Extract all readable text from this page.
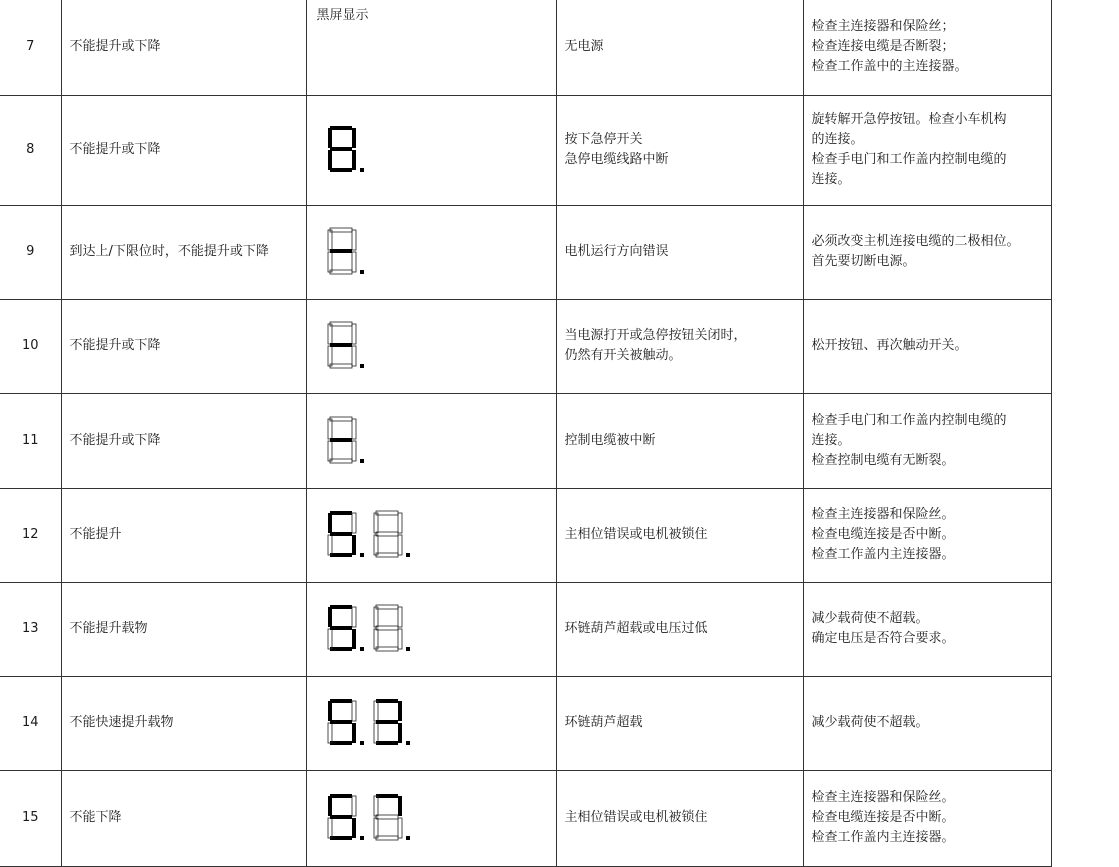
7	不能提升或下降	黑屏显示	无电源	检查主连接器和保险丝；
检查连接电缆是否断裂；
检查工作盖中的主连接器。

8	不能提升或下降		按下急停开关
急停电缆线路中断	旋转解开急停按钮。检查小车机构
的连接。
检查手电门和工作盖内控制电缆的
连接。

9	到达上/下限位时，不能提升或下降		电机运行方向错误	必须改变主机连接电缆的二极相位。
首先要切断电源。

10	不能提升或下降		当电源打开或急停按钮关闭时，
仍然有开关被触动。	松开按钮、再次触动开关。

11	不能提升或下降		控制电缆被中断	检查手电门和工作盖内控制电缆的
连接。
检查控制电缆有无断裂。

12	不能提升		主相位错误或电机被锁住	检查主连接器和保险丝。
检查电缆连接是否中断。
检查工作盖内主连接器。

13	不能提升载物		环链葫芦超载或电压过低	减少载荷使不超载。
确定电压是否符合要求。

14	不能快速提升载物		环链葫芦超载	减少载荷使不超载。

15	不能下降		主相位错误或电机被锁住	检查主连接器和保险丝。
检查电缆连接是否中断。
检查工作盖内主连接器。
